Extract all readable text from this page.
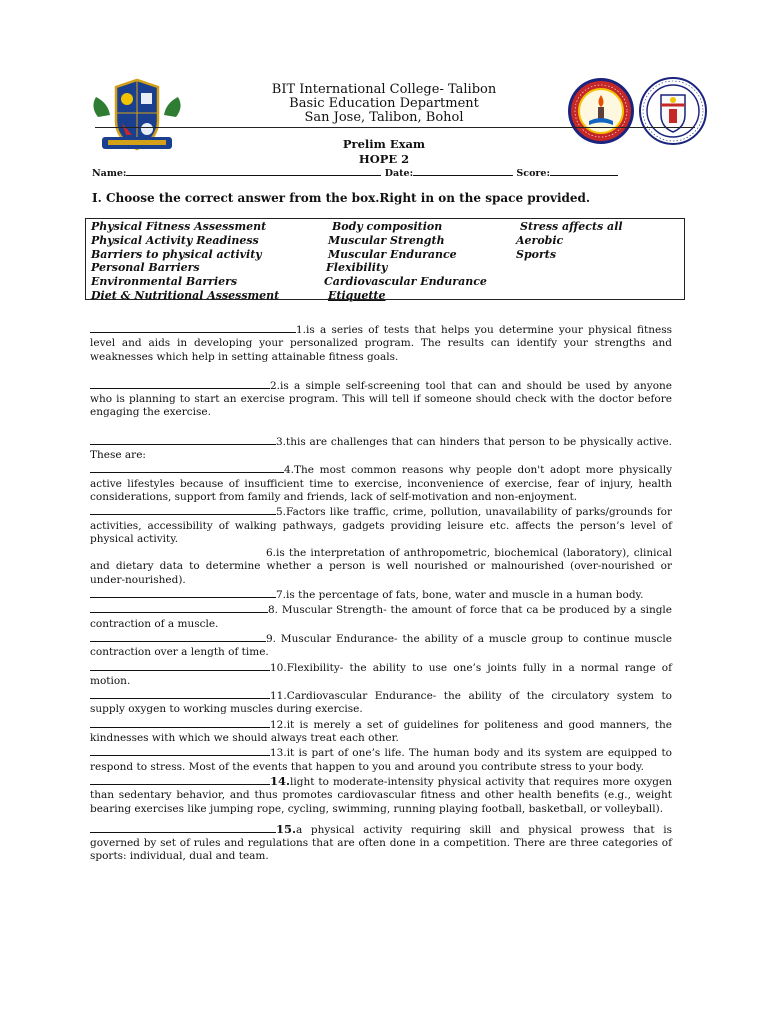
BIT International College- Talibon
Basic Education Department
San Jose, Talibon, Bohol
Prelim Exam
HOPE 2
Name:	Date:	Score:
I. Choose the correct answer from the box.Right in on the space provided.
Physical Fitness Assessment
Physical Activity Readiness
Barriers to physical activity
Personal Barriers
Environmental Barriers
Diet & Nutritional Assessment
Body composition
Muscular Strength
Muscular Endurance
Flexibility
Cardiovascular Endurance
Etiquette
Stress affects all
Aerobic
Sports

1.is a series of tests that helps you determine your physical fitness level and aids in developing your personalized program. The results can identify your strengths and weaknesses which help in setting attainable fitness goals.

2.is a simple self-screening tool that can and should be used by anyone who is planning to start an exercise program. This will tell if someone should check with the doctor before engaging the exercise.

3.this are challenges that can hinders that person to be physically active. These are:

4.The most common reasons why people don't adopt more physically active lifestyles because of insufficient time to exercise, inconvenience of exercise, fear of injury, health considerations, support from family and friends, lack of self-motivation and non-enjoyment.

5.Factors like traffic, crime, pollution, unavailability of parks/grounds for activities, accessibility of walking pathways, gadgets providing leisure etc. affects the person’s level of physical activity.

6.is the interpretation of anthropometric, biochemical (laboratory), clinical and dietary data to determine whether a person is well nourished or malnourished (over-nourished or under-nourished).

7.is the percentage of fats, bone, water and muscle in a human body.

8. Muscular Strength- the amount of force that ca be produced by a single contraction of a muscle.

9. Muscular Endurance- the ability of a muscle group to continue muscle contraction over a length of time.

10.Flexibility- the ability to use one’s joints fully in a normal range of motion.

11.Cardiovascular Endurance- the ability of the circulatory system to supply oxygen to working muscles during exercise.

12.it is merely a set of guidelines for politeness and good manners, the kindnesses with which we should always treat each other.

13.it is part of one’s life. The human body and its system are equipped to respond to stress. Most of the events that happen to you and around you contribute stress to your body.

14.light to moderate-intensity physical activity that requires more oxygen than sedentary behavior, and thus promotes cardiovascular fitness and other health benefits (e.g., weight bearing exercises like jumping rope, cycling, swimming, running playing football, basketball, or volleyball).

15.a physical activity requiring skill and physical prowess that is governed by set of rules and regulations that are often done in a competition. There are three categories of sports: individual, dual and team.
